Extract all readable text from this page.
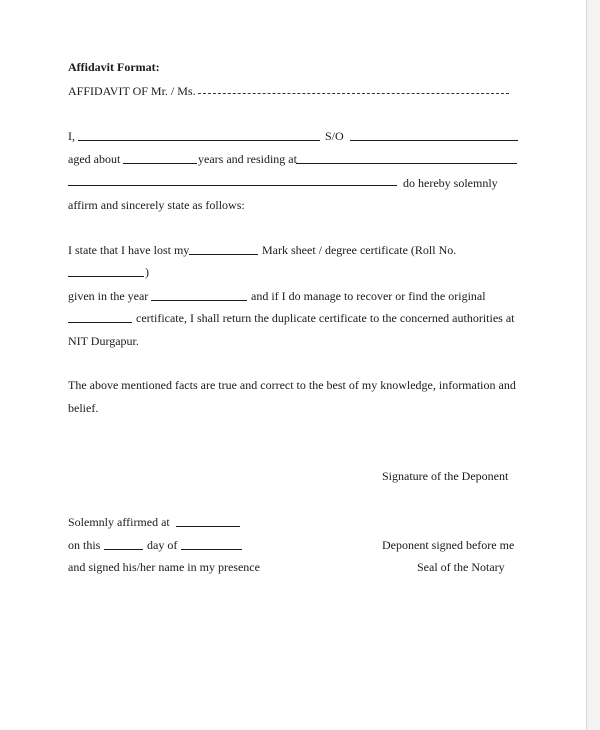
Affidavit Format:
AFFIDAVIT OF Mr. / Ms.
I,	S/O
aged about	years and residing at
do hereby solemnly
affirm and sincerely state as follows:
I state that I have lost my	Mark sheet / degree certificate (Roll No.
)
given in the year	and if I do manage to recover or find the original
certificate, I shall return the duplicate certificate to the concerned authorities at
NIT Durgapur.
The above mentioned facts are true and correct to the best of my knowledge, information and
belief.
Signature of the Deponent
Solemnly affirmed at
on this	day of	Deponent signed before me
and signed his/her name in my presence	Seal of the Notary
